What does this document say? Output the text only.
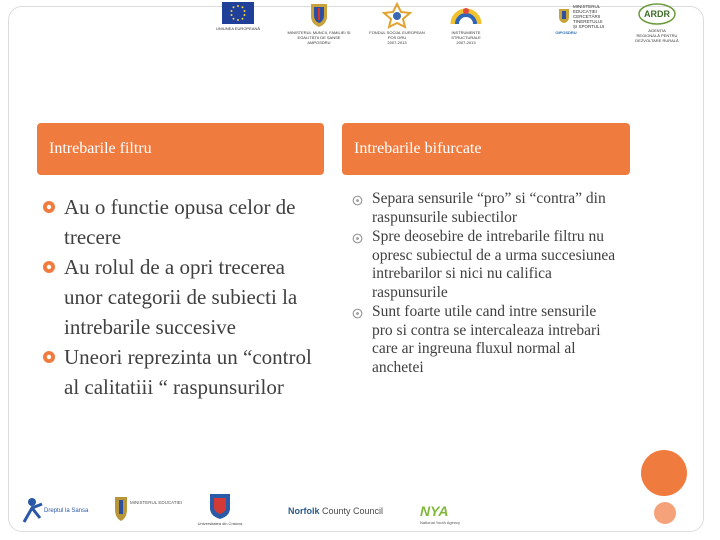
UNIUNEA EUROPEANĂ
MINISTERUL MUNCII, FAMILIEI ȘI
EGALITĂȚII DE ȘANSE
AMPOSDRU
FONDUL SOCIAL EUROPEAN
POS DRU
2007-2013
INSTRUMENTE STRUCTURALE
2007-2013
OIPOSDRU
MINISTERUL
EDUCAȚIEI
CERCETĂRII
TINERETULUI
ȘI SPORTULUI
ARDR
AGENȚIA
REGIONALĂ PENTRU
DEZVOLTARE RURALĂ
Intrebarile filtru	Intrebarile bifurcate
Au o functie opusa celor de trecere
Au rolul de a opri trecerea unor categorii de subiecti la intrebarile succesive
Uneori reprezinta un “control al calitatiii “ raspunsurilor
Separa sensurile “pro” si “contra” din raspunsurile subiectilor
Spre deosebire de intrebarile filtru nu opresc subiectul de a urma succesiunea intrebarilor si nici nu califica raspunsurile
Sunt foarte utile cand intre sensurile pro si contra se intercaleaza intrebari care ar ingreuna fluxul normal al anchetei
Dreptul la Sansa
MINISTERUL EDUCATIEI
Universitatea din Craiova
NYA
National Youth Agency
Norfolk County Council
